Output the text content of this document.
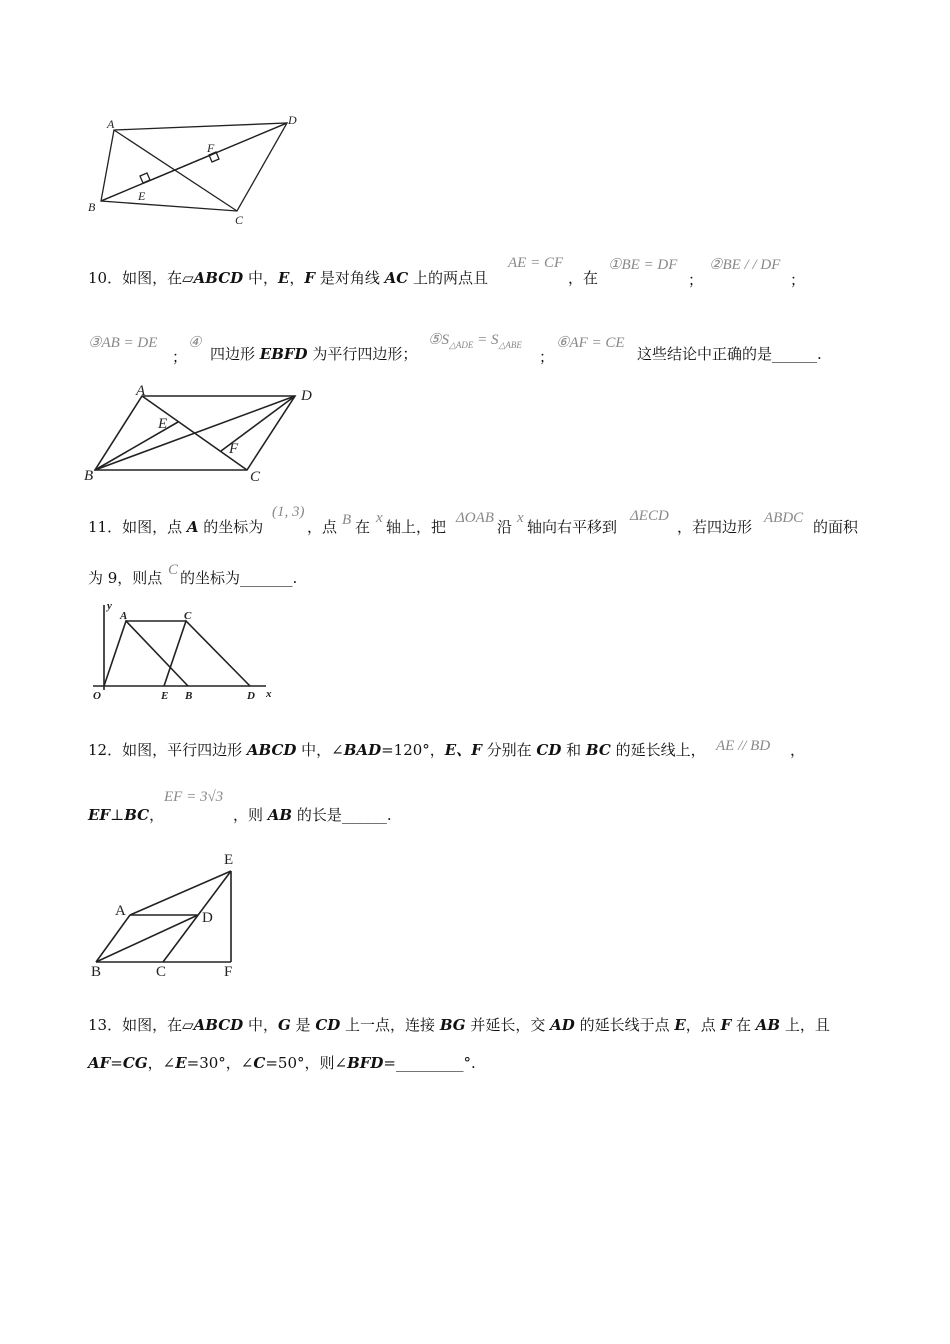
A	D
B
C
E
F
10．如图，在▱ABCD 中，E，F 是对角线 AC 上的两点且
AE = CF
，在
①BE = DF
；
②BE / / DF
；
③AB = DE
；
④
四边形 EBFD 为平行四边形；
$⑤S_{\triangle ADE} = S_{\triangle ABE}$
；
⑥AF = CE
这些结论中正确的是______.
A	D
B	C
E
F
11．如图，点 A 的坐标为
(1, 3)
，点 B 在 x 轴上，把 ΔOAB 沿 x 轴向右平移到
ΔECD
，若四边形 ABDC 的面积
为 9，则点 C 的坐标为_______.
y
A	C
O	E B	D x
12．如图，平行四边形 ABCD 中，∠BAD=120°，E、F 分别在 CD 和 BC 的延长线上， AE // BD ，
EF⊥BC，
EF = 3√3
，则 AB 的长是______.
E
A	D
B	C	F
13．如图，在▱ABCD 中，G 是 CD 上一点，连接 BG 并延长，交 AD 的延长线于点 E，点 F 在 AB 上，且
AF=CG，∠E=30°，∠C=50°，则∠BFD=_________°.
